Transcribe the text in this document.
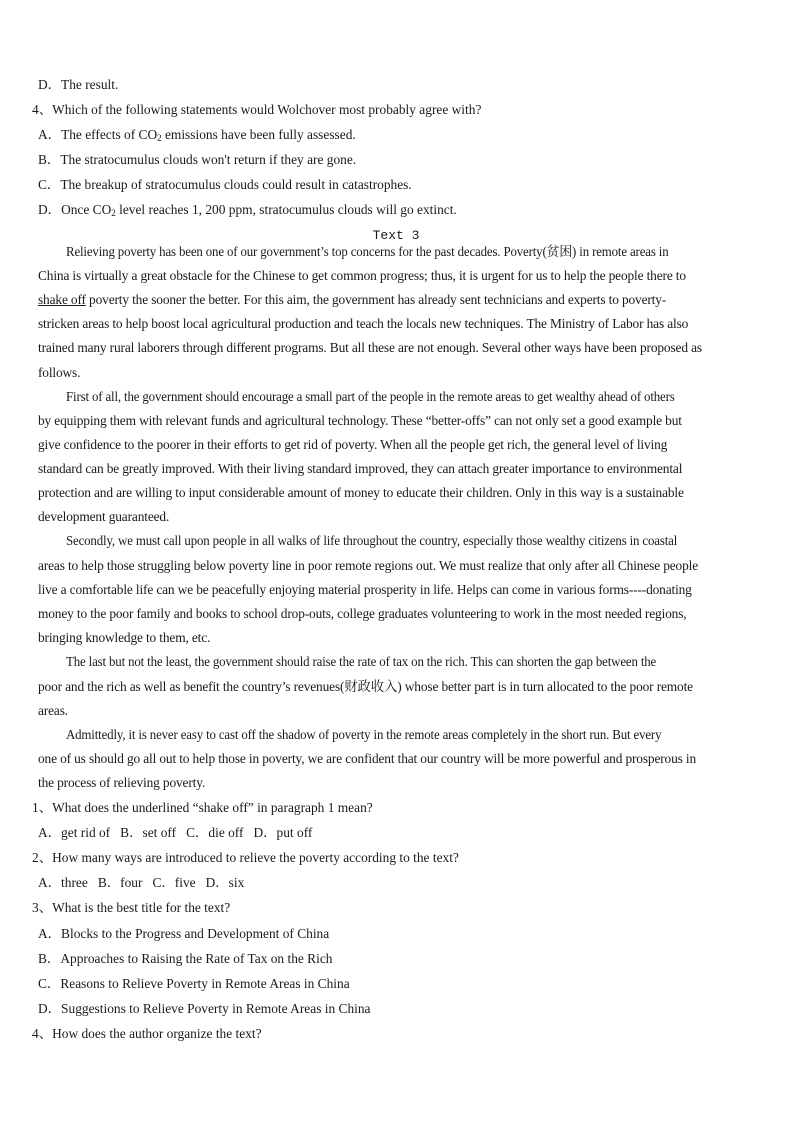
D．The result.
4、Which of the following statements would Wolchover most probably agree with?
A．The effects of $CO_2$ emissions have been fully assessed.
B．The stratocumulus clouds won't return if they are gone.
C．The breakup of stratocumulus clouds could result in catastrophes.
D．Once $CO_2$ level reaches 1, 200 ppm, stratocumulus clouds will go extinct.
Text 3
Relieving poverty has been one of our government’s top concerns for the past decades. Poverty(贫困) in remote areas in
China is virtually a great obstacle for the Chinese to get common progress; thus, it is urgent for us to help the people there to
shake off poverty the sooner the better. For this aim, the government has already sent technicians and experts to poverty-
stricken areas to help boost local agricultural production and teach the locals new techniques. The Ministry of Labor has also
trained many rural laborers through different programs. But all these are not enough. Several other ways have been proposed as
follows.
First of all, the government should encourage a small part of the people in the remote areas to get wealthy ahead of others
by equipping them with relevant funds and agricultural technology. These “better-offs” can not only set a good example but
give confidence to the poorer in their efforts to get rid of poverty. When all the people get rich, the general level of living
standard can be greatly improved. With their living standard improved, they can attach greater importance to environmental
protection and are willing to input considerable amount of money to educate their children. Only in this way is a sustainable
development guaranteed.
Secondly, we must call upon people in all walks of life throughout the country, especially those wealthy citizens in coastal
areas to help those struggling below poverty line in poor remote regions out. We must realize that only after all Chinese people
live a comfortable life can we be peacefully enjoying material prosperity in life. Helps can come in various forms----donating
money to the poor family and books to school drop-outs, college graduates volunteering to work in the most needed regions,
bringing knowledge to them, etc.
The last but not the least, the government should raise the rate of tax on the rich. This can shorten the gap between the
poor and the rich as well as benefit the country’s revenues(财政收入) whose better part is in turn allocated to the poor remote
areas.
Admittedly, it is never easy to cast off the shadow of poverty in the remote areas completely in the short run. But every
one of us should go all out to help those in poverty, we are confident that our country will be more powerful and prosperous in
the process of relieving poverty.
1、What does the underlined “shake off” in paragraph 1 mean?
A．get rid of B．set off C．die off D．put off
2、How many ways are introduced to relieve the poverty according to the text?
A．three B．four C．five D．six
3、What is the best title for the text?
A．Blocks to the Progress and Development of China
B．Approaches to Raising the Rate of Tax on the Rich
C．Reasons to Relieve Poverty in Remote Areas in China
D．Suggestions to Relieve Poverty in Remote Areas in China
4、How does the author organize the text?
